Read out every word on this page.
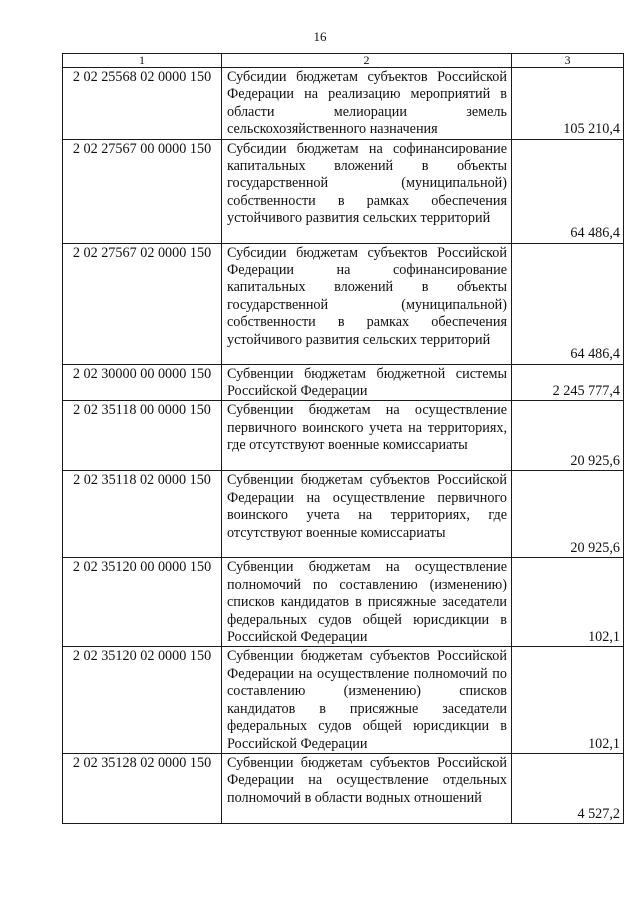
16
1	2	3
2 02 25568 02 0000 150	Субсидии бюджетам субъектов Российской Федерации на реализацию мероприятий в области мелиорации земель сельскохозяйственного назначения	105 210,4
2 02 27567 00 0000 150	Субсидии бюджетам на софинансирование капитальных вложений в объекты государственной (муниципальной) собственности в рамках обеспечения устойчивого развития сельских территорий	64 486,4
2 02 27567 02 0000 150	Субсидии бюджетам субъектов Российской Федерации на софинансирование капитальных вложений в объекты государственной (муниципальной) собственности в рамках обеспечения устойчивого развития сельских территорий	64 486,4
2 02 30000 00 0000 150	Субвенции бюджетам бюджетной системы Российской Федерации	2 245 777,4
2 02 35118 00 0000 150	Субвенции бюджетам на осуществление первичного воинского учета на территориях, где отсутствуют военные комиссариаты	20 925,6
2 02 35118 02 0000 150	Субвенции бюджетам субъектов Российской Федерации на осуществление первичного воинского учета на территориях, где отсутствуют военные комиссариаты	20 925,6
2 02 35120 00 0000 150	Субвенции бюджетам на осуществление полномочий по составлению (изменению) списков кандидатов в присяжные заседатели федеральных судов общей юрисдикции в Российской Федерации	102,1
2 02 35120 02 0000 150	Субвенции бюджетам субъектов Российской Федерации на осуществление полномочий по составлению (изменению) списков кандидатов в присяжные заседатели федеральных судов общей юрисдикции в Российской Федерации	102,1
2 02 35128 02 0000 150	Субвенции бюджетам субъектов Российской Федерации на осуществление отдельных полномочий в области водных отношений	4 527,2
